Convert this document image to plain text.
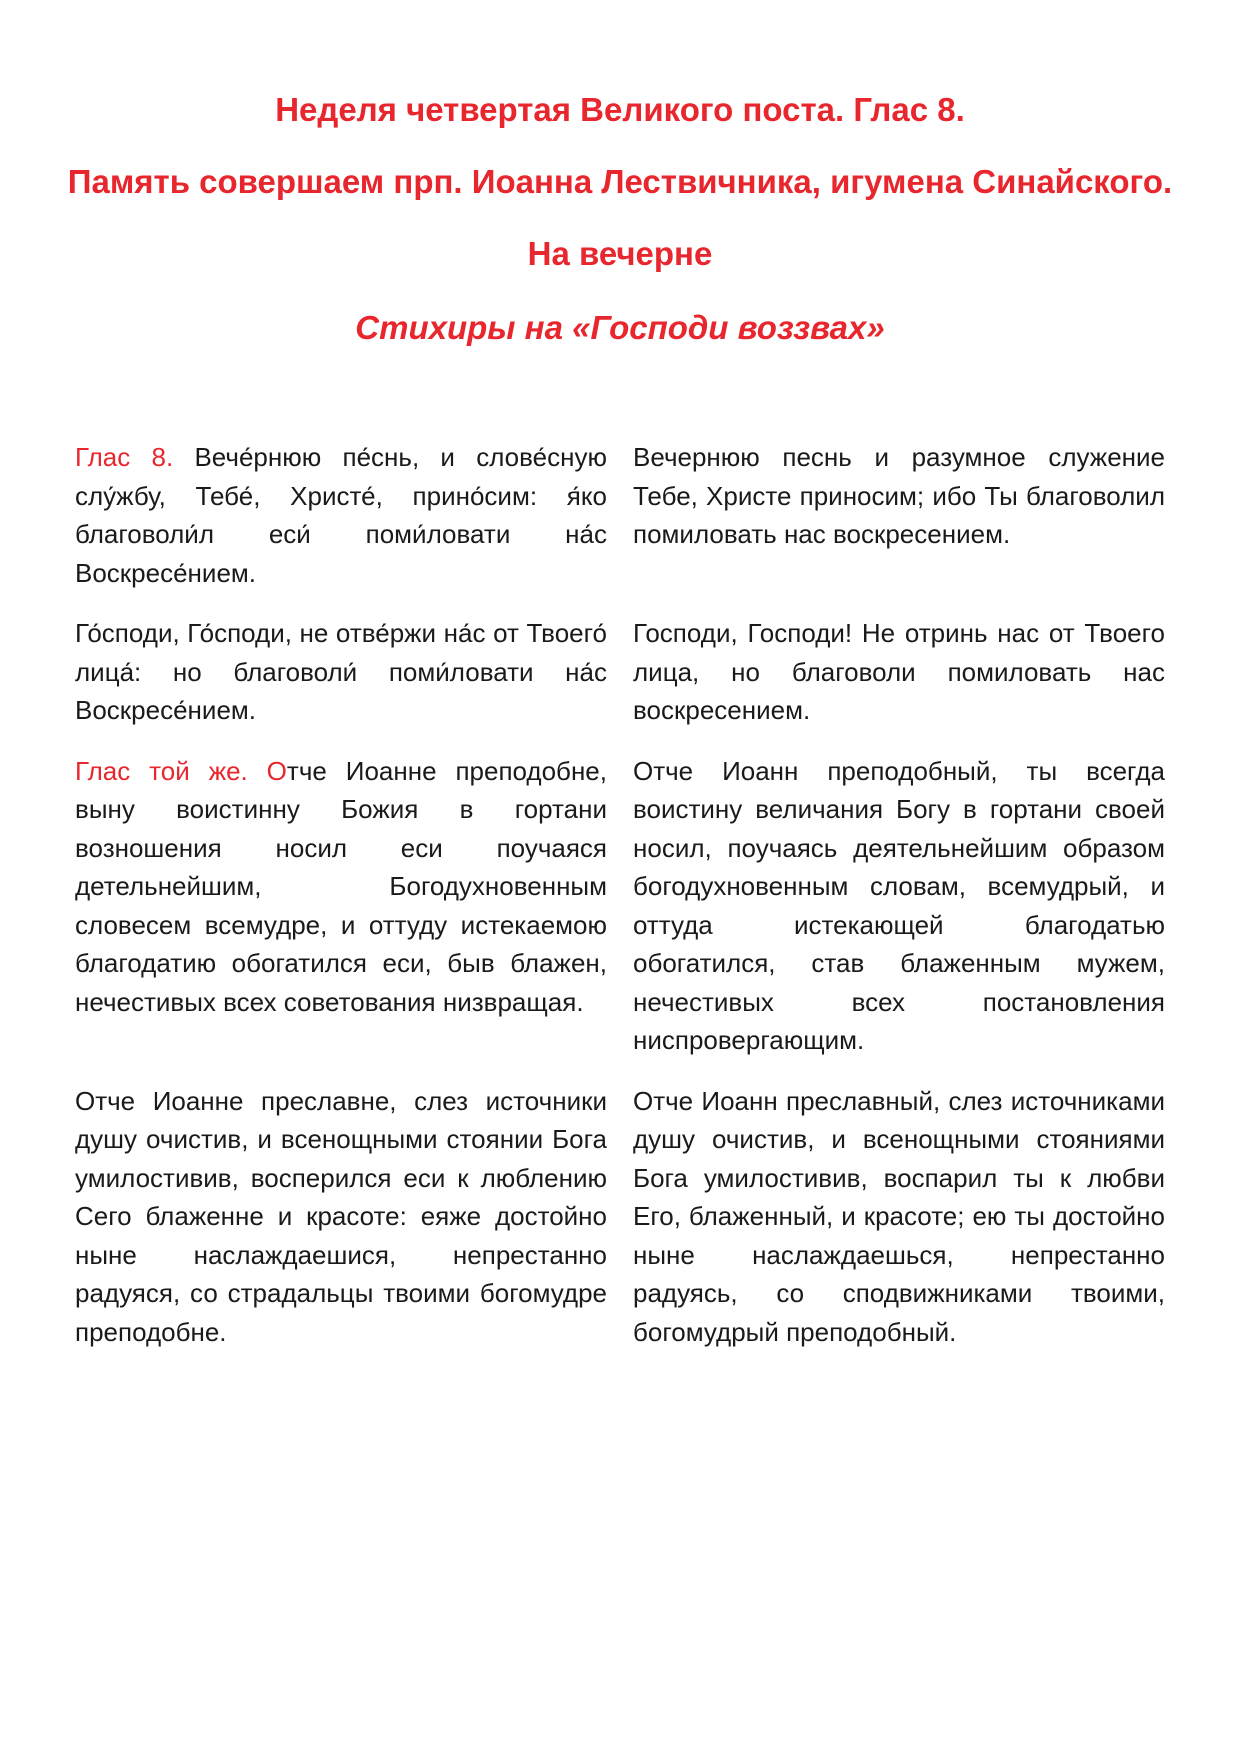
Неделя четвертая Великого поста. Глас 8.

Память совершаем прп. Иоанна Лествичника, игумена Синайского.

На вечерне

Стихиры на «Господи воззвах»

Глас 8. Вече́рнюю пе́снь, и слове́сную слу́жбу, Тебе́, Христе́, прино́сим: я́ко благоволи́л еси́ поми́ловати на́с Воскресе́нием.

Вечернюю песнь и разумное служение Тебе, Христе приносим; ибо Ты благоволил помиловать нас воскресением.

Го́споди, Го́споди, не отве́ржи на́с от Твоего́ лица́: но благоволи́ поми́ловати на́с Воскресе́нием.

Господи, Господи! Не отринь нас от Твоего лица, но благоволи помиловать нас воскресением.

Глас той же. Отче Иоанне преподобне, выну воистинну Божия в гортани возношения носил еси поучаяся детельнейшим, Богодухновенным словесем всемудре, и оттуду истекаемою благодатию обогатился еси, быв блажен, нечестивых всех советования низвращая.

Отче Иоанн преподобный, ты всегда воистину величания Богу в гортани своей носил, поучаясь деятельнейшим образом богодухновенным словам, всемудрый, и оттуда истекающей благодатью обогатился, став блаженным мужем, нечестивых всех постановления ниспровергающим.

Отче Иоанне преславне, слез источники душу очистив, и всенощными стоянии Бога умилостивив, восперился еси к люблению Сего блаженне и красоте: еяже достойно ныне наслаждаешися, непрестанно радуяся, со страдальцы твоими богомудре преподобне.

Отче Иоанн преславный, слез источниками душу очистив, и всенощными стояниями Бога умилостивив, воспарил ты к любви Его, блаженный, и красоте; ею ты достойно ныне наслаждаешься, непрестанно радуясь, со сподвижниками твоими, богомудрый преподобный.
